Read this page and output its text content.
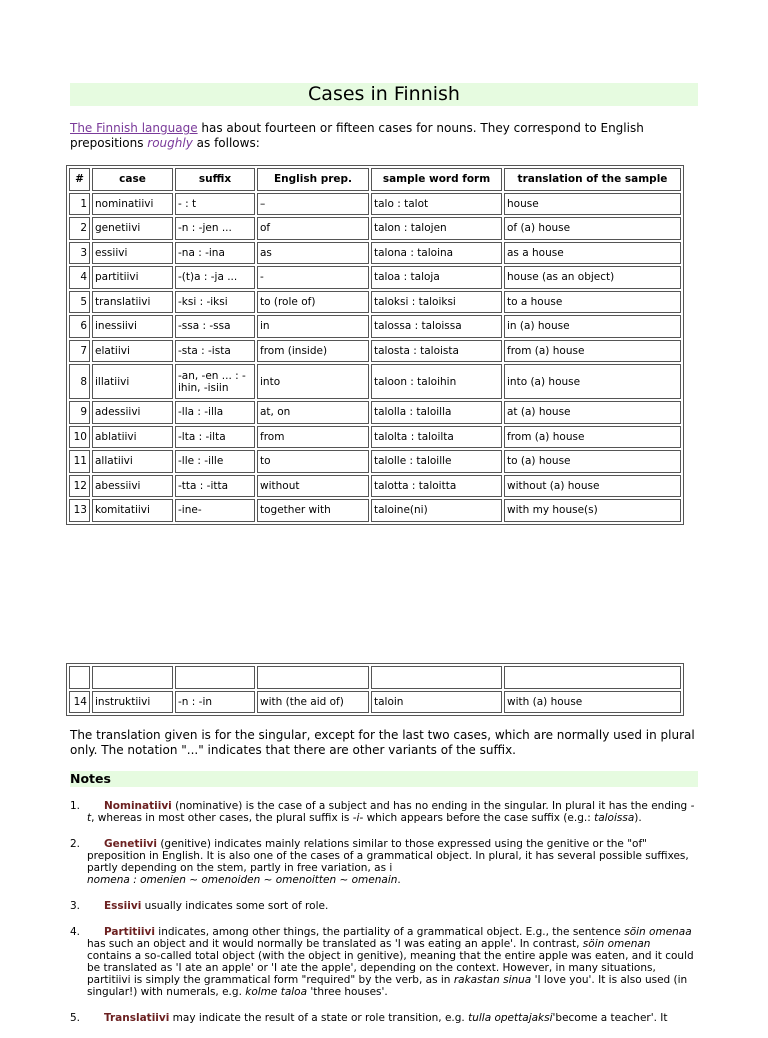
Cases in Finnish
The Finnish language has about fourteen or fifteen cases for nouns. They correspond to English prepositions roughly as follows:
#	case	suffix	English prep.	sample word form	translation of the sample
1	nominatiivi	- : t	–	talo : talot	house
2	genetiivi	-n : -jen ...	of	talon : talojen	of (a) house
3	essiivi	-na : -ina	as	talona : taloina	as a house
4	partitiivi	-(t)a : -ja ...	-	taloa : taloja	house (as an object)
5	translatiivi	-ksi : -iksi	to (role of)	taloksi : taloiksi	to a house
6	inessiivi	-ssa : -ssa	in	talossa : taloissa	in (a) house
7	elatiivi	-sta : -ista	from (inside)	talosta : taloista	from (a) house
8	illatiivi	-an, -en ... : -ihin, -isiin	into	taloon : taloihin	into (a) house
9	adessiivi	-lla : -illa	at, on	talolla : taloilla	at (a) house
10	ablatiivi	-lta : -ilta	from	talolta : taloilta	from (a) house
11	allatiivi	-lle : -ille	to	talolle : taloille	to (a) house
12	abessiivi	-tta : -itta	without	talotta : taloitta	without (a) house
13	komitatiivi	-ine-	together with	taloine(ni)	with my house(s)

14	instruktiivi	-n : -in	with (the aid of)	taloin	with (a) house
The translation given is for the singular, except for the last two cases, which are normally used in plural only. The notation "..." indicates that there are other variants of the suffix.
Notes
1. Nominatiivi (nominative) is the case of a subject and has no ending in the singular. In plural it has the ending -t, whereas in most other cases, the plural suffix is -i- which appears before the case suffix (e.g.: taloissa).
2. Genetiivi (genitive) indicates mainly relations similar to those expressed using the genitive or the "of" preposition in English. It is also one of the cases of a grammatical object. In plural, it has several possible suffixes, partly depending on the stem, partly in free variation, as i
nomena : omenien ~ omenoiden ~ omenoitten ~ omenain.
3. Essiivi usually indicates some sort of role.
4. Partitiivi indicates, among other things, the partiality of a grammatical object. E.g., the sentence söin omenaa has such an object and it would normally be translated as 'I was eating an apple'. In contrast, söin omenan contains a so-called total object (with the object in genitive), meaning that the entire apple was eaten, and it could be translated as 'I ate an apple' or 'I ate the apple', depending on the context. However, in many situations, partitiivi is simply the grammatical form "required" by the verb, as in rakastan sinua 'I love you'. It is also used (in singular!) with numerals, e.g. kolme taloa 'three houses'.
5. Translatiivi may indicate the result of a state or role transition, e.g. tulla opettajaksi'become a teacher'. It
